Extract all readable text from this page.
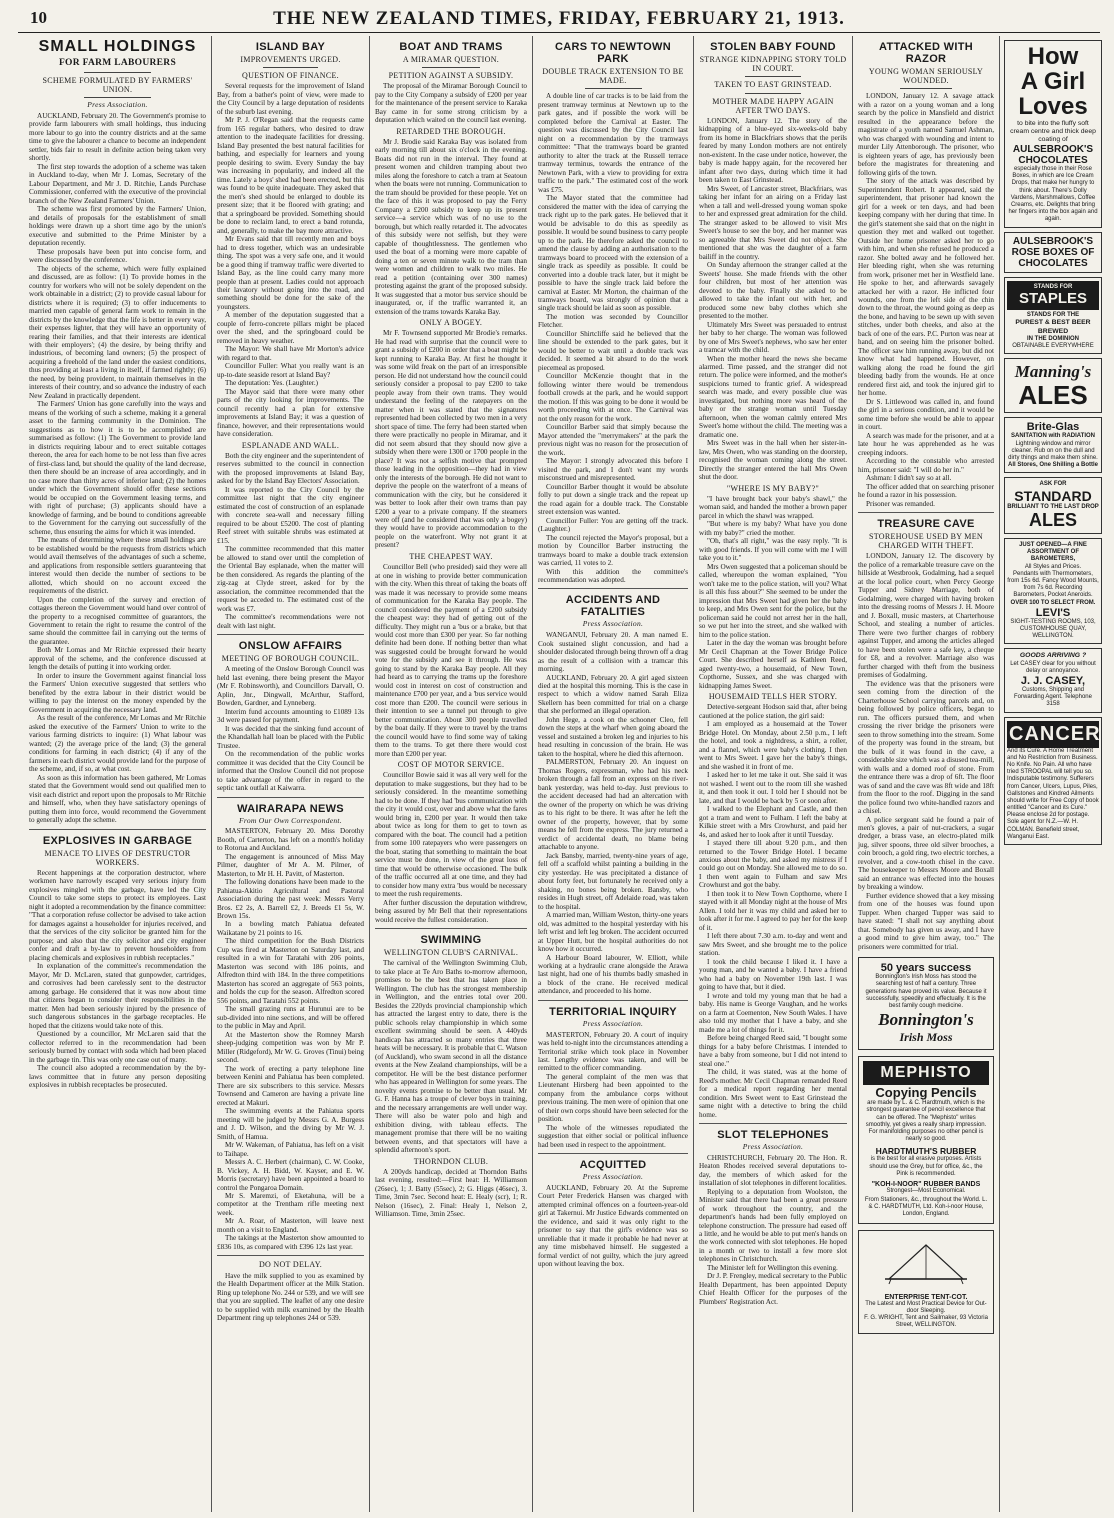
10	THE NEW ZEALAND TIMES, FRIDAY, FEBRUARY 21, 1913.
SMALL HOLDINGS
FOR FARM LABOURERS
SCHEME FORMULATED BY FARMERS' UNION.
Press Association.

AUCKLAND, February 20. The Government's promise to provide farm labourers with small holdings, thus inducing more labour to go into the country districts and at the same time to give the labourer a chance to become an independent settler, bids fair to result in definite action being taken very shortly.

The first step towards the adoption of a scheme was taken in Auckland to-day, when Mr J. Lomas, Secretary of the Labour Department, and Mr J. D. Ritchie, Lands Purchase Commissioner, conferred with the executive of the provincial branch of the New Zealand Farmers' Union.

The scheme was first promoted by the Farmers' Union, and details of proposals for the establishment of small holdings were drawn up a short time ago by the union's executive and submitted to the Prime Minister by a deputation recently.

These proposals have been put into concise form, and were discussed by the conference.

The objects of the scheme, which were fully explained and discussed, are as follow: (1) To provide homes in the country for workers who will not be solely dependent on the work obtainable in a district; (2) to provide casual labour for districts where it is required; (3) to offer inducements to married men capable of general farm work to remain in the districts by the knowledge that the life is better in every way, their expenses lighter, that they will have an opportunity of rearing their families, and that their interests are identical with their employers'; (4) the desire, by being thrifty and industrious, of becoming land owners; (5) the prospect of acquiring a freehold of the land under the easiest conditions, thus providing at least a living in itself, if farmed rightly; (6) the need, by being provident, to maintain themselves in the interests of their country, and so advance the industry of each New Zealand in practically dependent.

The Farmers' Union has gone carefully into the ways and means of the working of such a scheme, making it a general asset to the farming community in the Dominion. The suggestions as to how it is to be accomplished are summarised as follow: (1) The Government to provide land in districts requiring labour and to erect suitable cottages thereon, the area for each home to be not less than five acres of first-class land, but should the quality of the land decrease, then there should be an increase of area accordingly, and in no case more than thirty acres of inferior land; (2) the homes under which the Government should offer these sections would be occupied on the Government leasing terms, and with right of purchase; (3) applicants should have a knowledge of farming, and be bound to conditions agreeable to the Government for the carrying out successfully of the scheme, thus ensuring the aims for which it was intended.

The means of determining where these small holdings are to be established would be the requests from districts which would avail themselves of the advantages of such a scheme, and applications from responsible settlers guaranteeing that interest would then decide the number of sections to be allotted, which should on no account exceed the requirements of the district.

Upon the completion of the survey and erection of cottages thereon the Government would hand over control of the property to a recognised committee of guarantors, the Government to retain the right to resume the control of the same should the committee fail in carrying out the terms of the guarantee.

Both Mr Lomas and Mr Ritchie expressed their hearty approval of the scheme, and the conference discussed at length the details of putting it into working order.

In order to insure the Government against financial loss the Farmers' Union executive suggested that settlers who benefited by the extra labour in their district would be willing to pay the interest on the money expended by the Government in acquiring the necessary land.

As the result of the conference, Mr Lomas and Mr Ritchie asked the executive of the Farmers' Union to write to the various farming districts to inquire: (1) What labour was wanted; (2) the average price of the land; (3) the general conditions for farming in each district; (4) if any of the farmers in each district would provide land for the purpose of the scheme, and, if so, at what cost.

As soon as this information has been gathered, Mr Lomas stated that the Government would send out qualified men to visit each district and report upon the proposals to Mr Ritchie and himself, who, when they have satisfactory openings of putting them into force, would recommend the Government to generally adopt the scheme.

EXPLOSIVES IN GARBAGE
MENACE TO LIVES OF DESTRUCTOR WORKERS.

Recent happenings at the corporation destructor, where workmen have narrowly escaped very serious injury from explosives mingled with the garbage, have led the City Council to take some steps to protect its employees. Last night it adopted a recommendation by the finance committee: "That a corporation refuse collector be advised to take action for damages against a householder for injuries received, and that the services of the city solicitor be granted him for the purpose; and also that the city solicitor and city engineer confer and draft a by-law to prevent householders from placing chemicals and explosives in rubbish receptacles."

In explanation of the committee's recommendation the Mayor, Mr D. McLaren, stated that gunpowder, cartridges, and corrosives had been carelessly sent to the destructor among garbage. He considered that it was now about time that citizens began to consider their responsibilities in the matter. Men had been seriously injured by the presence of such dangerous substances in the garbage receptacles. He hoped that the citizens would take note of this.

Questioned by a councillor, Mr McLaren said that the collector referred to in the recommendation had been seriously burned by contact with soda which had been placed in the garbage tin. This was only one case out of many.

The council also adopted a recommendation by the by-laws committee that in future any person depositing explosives in rubbish receptacles be prosecuted.

ISLAND BAY
IMPROVEMENTS URGED.
QUESTION OF FINANCE.

Several requests for the improvement of Island Bay, from a bather's point of view, were made to the City Council by a large deputation of residents of the suburb last evening.

Mr P. J. O'Regan said that the requests came from 165 regular bathers, who desired to draw attention to the inadequate facilities for dressing. Island Bay presented the best natural facilities for bathing, and especially for learners and young people desiring to swim. Every Sunday the bay was increasing in popularity, and indeed all the time. Lately a boys' shed had been erected, but this was found to be quite inadequate. They asked that the men's shed should be enlarged to double its present size; that it be floored with grating; and that a springboard be provided. Something should be done to reclaim land, to erect a band rotunda, and, generally, to make the bay more attractive.

Mr Evans said that till recently men and boys had to dress together, which was an undesirable thing. The spot was a very safe one, and it would be a good thing if tramway traffic were diverted to Island Bay, as the line could carry many more people than at present. Ladies could not approach their lavatory without going into the road, and something should be done for the sake of the youngsters.

A member of the deputation suggested that a couple of ferro-concrete pillars might be placed over the shed, and the springboard could be removed in heavy weather.

The Mayor: We shall have Mr Morton's advice with regard to that.

Councillor Fuller: What you really want is an up-to-date seaside resort at Island Bay?

The deputation: Yes. (Laughter.)

The Mayor said that there were many other parts of the city looking for improvements. The council recently had a plan for extensive improvements at Island Bay; it was a question of finance, however, and their representations would have consideration.

ESPLANADE AND WALL.

Both the city engineer and the superintendent of reserves submitted to the council in connection with the proposed improvements at Island Bay, asked for by the Island Bay Electors' Association.

It was reported to the City Council by the committee last night that the city engineer estimated the cost of construction of an esplanade with concrete sea-wall and necessary filling required to be about £5200. The cost of planting Reef street with suitable shrubs was estimated at £15.

The committee recommended that this matter be allowed to stand over until the completion of the Oriental Bay esplanade, when the matter will be then considered. As regards the planting of the zig-zag at Clyde street, asked for by the association, the committee recommended that the request be acceded to. The estimated cost of the work was £7.

The committee's recommendations were not dealt with last night.

ONSLOW AFFAIRS
MEETING OF BOROUGH COUNCIL.

A meeting of the Onslow Borough Council was held last evening, there being present the Mayor (Mr F. Robinsworth), and Councillors Darvall, O. Aplin, Jnr., Dingwall, McArthur, Stafford, Bowden, Gardner, and Lynneberg.

Interim fund accounts amounting to £1089 13s 3d were passed for payment.

It was decided that the sinking fund account of the Khandallah hall loan be placed with the Public Trustee.

On the recommendation of the public works committee it was decided that the City Council be informed that the Onslow Council did not propose to take advantage of the offer in regard to the septic tank outfall at Kaiwarra.

WAIRARAPA NEWS
From Our Own Correspondent.

MASTERTON, February 20. Miss Dorothy Booth, of Carterton, has left on a month's holiday to Rotorua and Auckland.

The engagement is announced of Miss May Pilmer, daughter of Mr A. M. Pilmer, of Masterton, to Mr H. H. Pavitt, of Masterton.

The following donations have been made to the Pahiatua-Akitio Agricultural and Pastoral Association during the past week: Messrs Verry Bros. £2 2s, A. Barrell £2, J. Breeds £1 5s, W. Brown 15s.

In a bowling match Pahiatua defeated Waikatane by 21 points to 16.

The third competition for the Bush Districts Cup was fired at Masterton on Saturday last, and resulted in a win for Taratahi with 206 points, Masterton was second with 186 points, and Alfredton third with 184. In the three competitions Masterton has scored an aggregate of 563 points, and holds the cup for the season. Alfredton scored 556 points, and Taratahi 552 points.

The small grazing runs at Hurunui are to be sub-divided into nine sections, and will be offered to the public in May and April.

At the Masterton show the Romney Marsh sheep-judging competition was won by Mr P. Miller (Ridgeford), Mr W. G. Groves (Tinui) being second.

The work of erecting a party telephone line between Kenini and Pahiatua has been completed. There are six subscribers to this service. Messrs Townsend and Cameron are having a private line erected at Makuri.

The swimming events at the Pahiatua sports meeting will be judged by Messrs G. A. Burgess and J. D. Wilson, and the diving by Mr W. J. Smith, of Hamua.

Mr W. Wakeman, of Pahiatua, has left on a visit to Taihape.

Messrs A. C. Herbert (chairman), C. W. Cooke, B. Vickey, A. H. Bidd, W. Kayser, and E. W. Morris (secretary) have been appointed a board to control the Pongaroa Domain.

Mr S. Maremzi, of Eketahuna, will be a competitor at the Trentham rifle meeting next week.

Mr A. Roar, of Masterton, will leave next month on a visit to England.

The takings at the Masterton show amounted to £836 10s, as compared with £396 12s last year.

DO NOT DELAY.

Have the milk supplied to you as examined by the Health Department officer at the Milk Station. Ring up telephone No. 244 or 539, and we will see that you are supplied. The leaflet of any one desire to be supplied with milk examined by the Health Department ring up telephones 244 or 539.

BOAT AND TRAMS
A MIRAMAR QUESTION.
PETITION AGAINST A SUBSIDY.

The proposal of the Miramar Borough Council to pay to the City Company a subsidy of £200 per year for the maintenance of the present service to Karaka Bay came in for some strong criticism by a deputation which waited on the council last evening.

RETARDED THE BOROUGH.

Mr J. Brodie said Karaka Bay was isolated from early morning till about six o'clock in the evening. Boats did not run in the interval. They found at present women and children tramping about two miles along the foreshore to catch a tram at Seatoun when the boats were not running. Communication to the tram should be provided for these people. Yet on the face of this it was proposed to pay the Ferry Company a £200 subsidy to keep up its present service—a service which was of no use to the borough, but which really retarded it. The advocates of this subsidy were not selfish, but they were capable of thoughtlessness. The gentlemen who used the boat of a morning were more capable of doing a ten or seven minute walk to the tram than were women and children to walk two miles. He read a petition (containing over 300 names) protesting against the grant of the proposed subsidy. It was suggested that a motor bus service should be inaugurated, or, if the traffic warranted it, an extension of the trams towards Karaka Bay.

ONLY A BOGEY.

Mr F. Townsend supported Mr Brodie's remarks. He had read with surprise that the council were to grant a subsidy of £200 in order that a boat might be kept running to Karaka Bay. At first he thought it was some wild freak on the part of an irresponsible person. He did not understand how the council could seriously consider a proposal to pay £200 to take people away from their own trams. They would understand the feeling of the ratepayers on the matter when it was stated that the signatures represented had been collected by two men in a very short space of time. The ferry had been started when there were practically no people in Miramar, and it did not seem absurd that they should now give a subsidy when there were 1300 or 1700 people in the place? It was not a selfish motive that prompted those leading in the opposition—they had in view only the interests of the borough. He did not want to deprive the people on the waterfront of a means of communication with the city, but he considered it was better to look after their own trams than pay £200 a year to a private company. If the steamers were off (and he considered that was only a bogey) they would have to provide accommodation to the people on the waterfront. Why not grant it at present?

THE CHEAPEST WAY.

Councillor Bell (who presided) said they were all at one in wishing to provide better communication with the city. When this threat of taking the boats off was made it was necessary to provide some means of communication for the Karaka Bay people. The council considered the payment of a £200 subsidy the cheapest way: they had of getting out of the difficulty. They might run a 'bus or a brake, but that would cost more than £300 per year. So far nothing definite had been done. If nothing better than what was suggested could be brought forward he would vote for the subsidy and see it through. He was going to stand by the Karaka Bay people. All they had heard as to carrying the trams up the foreshore would cost in interest on cost of construction and maintenance £700 per year, and a 'bus service would cost more than £200. The council were serious in their intention to see a tunnel put through to give better communication. About 300 people travelled by the boat daily. If they were to travel by the trams the council would have to find some way of taking them to the trams. To get there there would cost more than £200 per year.

COST OF MOTOR SERVICE.

Councillor Bowie said it was all very well for the deputation to make suggestions, but they had to be seriously considered. In the meantime something had to be done. If they had 'bus communication with the city it would cost, over and above what the fares would bring in, £200 per year. It would then take about twice as long for them to get to town as compared with the boat. The council had a petition from some 100 ratepayers who were passengers on the boat, stating that something to maintain the boat service must be done, in view of the great loss of time that would be otherwise occasioned. The bulk of the traffic occurred all at one time, and they had to consider how many extra 'bus would be necessary to meet the rush requirements.

After further discussion the deputation withdrew, being assured by Mr Bell that their representations would receive the fullest consideration.

SWIMMING
WELLINGTON CLUB'S CARNIVAL.

The carnival of the Wellington Swimming Club, to take place at Te Aro Baths to-morrow afternoon, promises to be the best that has taken place in Wellington. The club has the strongest membership in Wellington, and the entries total over 200. Besides the 220yds provincial championship which has attracted the largest entry to date, there is the public schools relay championship in which some excellent swimming should be seen. A 440yds handicap has attracted so many entries that three heats will be necessary. It is probable that C. Watson (of Auckland), who swam second in all the distance events at the New Zealand championships, will be a competitor. He will be the best distance performer who has appeared in Wellington for some years. The novelty events promise to be better than usual. Mr G. F. Hanna has a troupe of clever boys in training, and the necessary arrangements are well under way. There will also be water polo and high and exhibition diving, with tableau effects. The management promise that there will be no waiting between events, and that spectators will have a splendid afternoon's sport.

THORNDON CLUB.

A 200yds handicap, decided at Thorndon Baths last evening, resulted:—First heat: H. Williamson (26sec), 1; J. Batty (55sec), 2; G. Higgs (46sec), 3. Time, 3min 7sec. Second heat: E. Healy (scr), 1; R. Nelson (16sec), 2. Final: Healy 1, Nelson 2, Williamson. Time, 3min 25sec.

CARS TO NEWTOWN PARK
DOUBLE TRACK EXTENSION TO BE MADE.

A double line of car tracks is to be laid from the present tramway terminus at Newtown up to the park gates, and if possible the work will be completed before the Carnival at Easter. The question was discussed by the City Council last night on a recommendation by the tramways committee: "That the tramways board be granted authority to alter the track at the Russell terrace tramway terminus, towards the entrance of the Newtown Park, with a view to providing for extra traffic to the park." The estimated cost of the work was £75.

The Mayor stated that the committee had considered the matter with the idea of carrying the track right up to the park gates. He believed that it would be advisable to do this as speedily as possible. It would be sound business to carry people up to the park. He therefore asked the council to amend the clause by adding an authorisation to the tramways board to proceed with the extension of a single track as speedily as possible. It could be converted into a double track later, but it might be possible to have the single track laid before the carnival at Easter. Mr Morton, the chairman of the tramways board, was strongly of opinion that a single track should be laid as soon as possible.

The motion was seconded by Councillor Fletcher.

Councillor Shirtcliffe said he believed that the line should be extended to the park gates, but it would be better to wait until a double track was decided. It seemed a bit absurd to do the work piecemeal as proposed.

Councillor McKenzie thought that in the following winter there would be tremendous football crowds at the park, and he would support the motion. If this was going to be done it would be worth proceeding with at once. The Carnival was not the only reason for the work.

Councillor Barber said that simply because the Mayor attended the "merrymakers" at the park the previous night was no reason for the prosecution of the work.

The Mayor: I strongly advocated this before I visited the park, and I don't want my words misconstrued and misrepresented.

Councillor Barber thought it would be absolute folly to put down a single track and the repeat up the road again for a double track. The Constable street extension was wanted.

Councillor Fuller: You are getting off the track. (Laughter.)

The council rejected the Mayor's proposal, but a motion by Councillor Barber instructing the tramways board to make a double track extension was carried, 11 votes to 2.

With this addition the committee's recommendation was adopted.

ACCIDENTS AND FATALITIES
Press Association.

WANGANUI, February 20. A man named E. Cook sustained slight concussion, and had a shoulder dislocated through being thrown off a drag as the result of a collision with a tramcar this morning.

AUCKLAND, February 20. A girl aged sixteen died at the hospital this morning. This is the case in respect to which a widow named Sarah Eliza Skellern has been committed for trial on a charge that she performed an illegal operation.

John Hege, a cook on the schooner Cleo, fell down the steps at the wharf when going aboard the vessel and sustained a broken leg and injuries to his head resulting in concussion of the brain. He was taken to the hospital, where he died this afternoon.

PALMERSTON, February 20. An inquest on Thomas Rogers, expressman, who had his neck broken through a fall from an express on the river-bank yesterday, was held to-day. Just previous to the accident deceased had had an altercation with the owner of the property on which he was driving as to his right to be there. It was after he left the owner of the property, however, that by some means he fell from the express. The jury returned a verdict of accidental death, no blame being attachable to anyone.

Jack Bansby, married, twenty-nine years of age, fell off a scaffold whilst painting a building in the city yesterday. He was precipitated a distance of about forty feet, but fortunately he received only a shaking, no bones being broken. Bansby, who resides in Hugh street, off Adelaide road, was taken to the hospital.

A married man, William Weston, thirty-one years old, was admitted to the hospital yesterday with his left wrist and left leg broken. The accident occurred at Upper Hutt, but the hospital authorities do not know how it occurred.

A Harbour Board labourer, W. Elliott, while working at a hydraulic crane alongside the Arawa last night, had one of his thumbs badly smashed in a block of the crane. He received medical attendance, and proceeded to his home.

TERRITORIAL INQUIRY
Press Association.

MASTERTON, February 20. A court of inquiry was held to-night into the circumstances attending a Territorial strike which took place in November last. Lengthy evidence was taken, and will be remitted to the officer commanding.

The general complaint of the men was that Lieutenant Hirsberg had been appointed to the company from the ambulance corps without previous training. The men were of opinion that one of their own corps should have been selected for the position.

The whole of the witnesses repudiated the suggestion that either social or political influence had been used in respect to the appointment.

ACQUITTED
Press Association.

AUCKLAND, February 20. At the Supreme Court Peter Frederick Hansen was charged with attempted criminal offences on a fourteen-year-old girl at Takernui. Mr Justice Edwards commented on the evidence, and said it was only right to the prisoner to say that the girl's evidence was so unreliable that it made it probable he had never at any time misbehaved himself. He suggested a formal verdict of not guilty, which the jury agreed upon without leaving the box.

STOLEN BABY FOUND
STRANGE KIDNAPPING STORY TOLD IN COURT.
TAKEN TO EAST GRINSTEAD.
MOTHER MADE HAPPY AGAIN AFTER TWO DAYS.

LONDON, January 12. The story of the kidnapping of a blue-eyed six-weeks-old baby from its home in Blackfriars shows that the perils feared by many London mothers are not entirely non-existent. In the case under notice, however, the baby is made happy again, for the recovered her infant after two days, during which time it had been taken to East Grinstead.

Mrs Sweet, of Lancaster street, Blackfriars, was taking her infant for an airing on a Friday last when a tall and well-dressed young woman spoke to her and expressed great admiration for the child. The stranger asked to be allowed to visit Mrs Sweet's house to see the boy, and her manner was so agreeable that Mrs Sweet did not object. She mentioned that she was the daughter of a farm bailiff in the country.

On Sunday afternoon the stranger called at the Sweets' house. She made friends with the other four children, but most of her attention was devoted to the baby. Finally she asked to be allowed to take the infant out with her, and produced some new baby clothes which she presented to the mother.

Ultimately Mrs Sweet was persuaded to entrust her baby to her charge. The woman was followed by one of Mrs Sweet's nephews, who saw her enter a tramcar with the child.

When the mother heard the news she became alarmed. Time passed, and the stranger did not return. The police were informed, and the mother's suspicions turned to frantic grief. A widespread search was made, and every possible clue was investigated, but nothing more was heard of the baby or the strange woman until Tuesday afternoon, when the woman calmly entered Mrs Sweet's home without the child. The meeting was a dramatic one.

Mrs Sweet was in the hall when her sister-in-law, Mrs Owen, who was standing on the doorstep, recognised the woman coming along the street. Directly the stranger entered the hall Mrs Owen shut the door.

"WHERE IS MY BABY?"

"I have brought back your baby's shawl," the woman said, and handed the mother a brown paper parcel in which the shawl was wrapped.

"But where is my baby? What have you done with my baby?" cried the mother.

"Oh, that's all right," was the easy reply. "It is with good friends. If you will come with me I will take you to it."

Mrs Owen suggested that a policeman should be called, whereupon the woman explained, "You won't take me to the police station, will you? What is all this fuss about?" She seemed to be under the impression that Mrs Sweet had given her the baby to keep, and Mrs Owen sent for the police, but the policeman said he could not arrest her in the hall, so we put her into the street, and she walked with him to the police station.

Later in the day the woman was brought before Mr Cecil Chapman at the Tower Bridge Police Court. She described herself as Kathleen Reed, aged twenty-two, a housemaid, of New Town, Copthorne, Sussex, and she was charged with kidnapping James Sweet.

HOUSEMAID TELLS HER STORY.

Detective-sergeant Hodson said that, after being cautioned at the police station, the girl said:

I am employed as a housemaid at the Tower Bridge Hotel. On Monday, about 2.50 p.m., I left the hotel, and took a nightdress, a shirt, a roller, and a flannel, which were baby's clothing. I then went to Mrs Sweet. I gave her the baby's things, and she washed it in front of me.

I asked her to let me take it out. She said it was not washed. I went out to the room till she washed it, and then took it out. I told her I should not be late, and that I would be back by 5 or soon after.

I walked to the Elephant and Castle, and then got a tram and went to Fulham. I left the baby at Kilkie street with a Mrs Crowhurst, and paid her 4s, and asked her to look after it until Tuesday.

I stayed there till about 9.20 p.m., and then returned to the Tower Bridge Hotel. I became anxious about the baby, and asked my mistress if I could go out on Monday. She allowed me to do so. I then went again to Fulham and saw Mrs Crowhurst and got the baby.

I then took it to New Town Copthorne, where I stayed with it all Monday night at the house of Mrs Allen. I told her it was my child and asked her to look after it for me. I agreed to pay her for the keep of it.

I left there about 7.30 a.m. to-day and went and saw Mrs Sweet, and she brought me to the police station.

I took the child because I liked it. I have a young man, and he wanted a baby. I have a friend who had a baby on November 19th last. I was going to have that, but it died.

I wrote and told my young man that he had a baby. His name is George Vaughan, and he works on a farm at Coementon, New South Wales. I have also told my mother that I have a baby, and she made me a lot of things for it.

Before being charged Reed said, "I bought some things for a baby before Christmas. I intended to have a baby from someone, but I did not intend to steal one."

The child, it was stated, was at the home of Reed's mother. Mr Cecil Chapman remanded Reed for a medical report regarding her mental condition. Mrs Sweet went to East Grinstead the same night with a detective to bring the child home.

SLOT TELEPHONES
Press Association.

CHRISTCHURCH, February 20. The Hon. R. Heaton Rhodes received several deputations to-day, the members of which asked for the installation of slot telephones in different localities.

Replying to a deputation from Woolston, the Minister said that there had been a great pressure of work throughout the country, and the department's hands had been fully employed on telephone construction. The pressure had eased off a little, and he would be able to put men's hands on the work connected with slot telephones. He hoped in a month or two to install a few more slot telephones in Christchurch.

The Minister left for Wellington this evening.

Dr J. P. Frengley, medical secretary to the Public Health Department, has been appointed Deputy Chief Health Officer for the purposes of the Plumbers' Registration Act.

ATTACKED WITH RAZOR
YOUNG WOMAN SERIOUSLY WOUNDED.

LONDON, January 12. A savage attack with a razor on a young woman and a long search by the police in Mansfield and district resulted in the appearance before the magistrate of a youth named Samuel Ashman, who was charged with wounding and intent to murder Lily Attenborough. The prisoner, who is eighteen years of age, has previously been before the magistrates for threatening and following girls of the town.

The story of the attack was described by Superintendent Robert. It appeared, said the superintendent, that prisoner had known the girl for a week or ten days, and had been keeping company with her during that time. In the girl's statement she said that on the night in question they met and walked out together. Outside her home prisoner asked her to go with him, and when she refused he produced a razor. She bolted away and he followed her. Her bleeding right, when she was returning from work, prisoner met her in Westfield lane. He spoke to her, and afterwards savagely attacked her with a razor. He inflicted four wounds, one from the left side of the chin down to the throat, the wound going as deep as the bone, and having to be sewn up with seven stitches, under both cheeks, and also at the back of one of the ears. P.C. Purton was near at hand, and on seeing him the prisoner bolted. The officer saw him running away, but did not know what had happened. However, on walking along the road he found the girl bleeding badly from the wounds. He at once rendered first aid, and took the injured girl to her home.

Dr S. Littlewood was called in, and found the girl in a serious condition, and it would be some time before she would be able to appear in court.

A search was made for the prisoner, and at a late hour he was apprehended as he was creeping indoors.

According to the constable who arrested him, prisoner said: "I will do her in."

Ashman: I didn't say so at all.

The officer added that on searching prisoner he found a razor in his possession.

Prisoner was remanded.

TREASURE CAVE
STOREHOUSE USED BY MEN CHARGED WITH THEFT.

LONDON, January 12. The discovery by the police of a remarkable treasure cave on the hillside at Westbrook, Godalming, had a sequel at the local police court, when Percy George Tupper and Sidney Marriage, both of Godalming, were charged with having broken into the dressing rooms of Messrs J. H. Moore and J. Boxall, music masters, at Charterhouse School, and stealing a number of articles. There were two further charges of robbery against Tupper, and among the articles alleged to have been stolen were a safe key, a cheque for £8, and a revolver. Marriage also was further charged with theft from the business premises of Godalming.

The evidence was that the prisoners were seen coming from the direction of the Charterhouse School carrying parcels and, on being followed by police officers, began to run. The officers pursued them, and when crossing the river bridge the prisoners were seen to throw something into the stream. Some of the property was found in the stream, but the bulk of it was found in the cave, a considerable size which was a disused tea-mill, with walls and a domed roof of stone. From the entrance there was a drop of 6ft. The floor was of sand and the cave was 8ft wide and 18ft from the floor to the roof. Digging in the sand the police found two white-handled razors and a chisel.

A police sergeant said he found a pair of men's gloves, a pair of nut-crackers, a sugar dredger, a brass vase, an electro-plated milk jug, silver spoons, three old silver brooches, a coin brooch, a gold ring, two electric torches, a revolver, and a cow-tooth chisel in the cave. The housekeeper to Messrs Moore and Boxall said an entrance was effected into the houses by breaking a window.

Further evidence showed that a key missing from one of the houses was found upon Tupper. When charged Tupper was said to have stated: "I shall not say anything about that. Somebody has given us away, and I have a good mind to give him away, too." The prisoners were committed for trial.

50 years success
Bonnington's Irish Moss has stood the searching test of half a century. Three generations have proved its value. Because it successfully, speedily and effectually. It is the best family cough medicine.
Bonnington's
Irish Moss
MEPHISTO
Copying Pencils
are made by L. & C. Hardtmuth, which is the strongest guarantee of pencil excellence that can be offered. The "Mephisto" writes smoothly, yet gives a really sharp impression. For manifolding purposes no other pencil is nearly so good.
HARDTMUTH'S RUBBER
is the best for all erasive purposes. Artists should use the Grey, but for office, &c., the Pink is recommended.
"KOH-I-NOOR" RUBBER BANDS
Strongest—Most Economical.
From Stationers, &c., throughout the World. L. & C. HARDTMUTH, Ltd. Koh-i-noor House, London, England.
ENTERPRISE TENT-COT.
The Latest and Most Practical Device for Out-door Sleeping.
F. G. WRIGHT, Tent and Sailmaker, 93 Victoria Street, WELLINGTON.
How
A Girl
Loves
to bite into the fluffy soft cream centre and thick deep coating of
AULSEBROOK'S
CHOCOLATES
especially those in their Rose Boxes, in which are Ice Cream Drops, that make her hungry to think about. There's Dolly Vardens, Marshmallows, Coffee Creams, etc. Delights that bring her fingers into the box again and again.
AULSEBROOK'S
ROSE BOXES OF
CHOCOLATES
STANDS FOR
STAPLES
STANDS FOR THE
PUREST & BEST BEER
BREWED
IN THE DOMINION
OBTAINABLE EVERYWHERE
Manning's
ALES
Brite-Glas
SANITATION with RADIATION
Lightning window and mirror cleaner. Rub on on the dull and dirty things and make them shine.
All Stores, One Shilling a Bottle
ASK FOR
STANDARD
BRILLIANT TO THE LAST DROP
ALES
JUST OPENED—A FINE ASSORTMENT OF BAROMETERS,
All Styles and Prices.
Pendants with Thermometers, from 15s 6d. Fancy Wood Mounts, from 7s 6d. Recording Barometers, Pocket Aneroids.
OVER 100 TO SELECT FROM.
LEVI'S
SIGHT-TESTING ROOMS, 103, CUSTOMHOUSE QUAY, WELLINGTON.
GOODS ARRIVING ?
Let CASEY clear for you without delay or annoyance.
J. J. CASEY,
Customs, Shipping and Forwarding Agent. Telephone 3158
CANCER
And its Cure. A Home Treatment and No Restriction from Business. No Knife. No Pain. All who have tried STROOPAL will tell you so. Indisputable testimony. Sufferers from Cancer, Ulcers, Lupus, Piles, Gallstones and Kindred Ailments should write for Free Copy of book entitled "Cancer and its Cure." Please enclose 2d for postage. Sole agent for N.Z.—W. H. COLMAN. Benefield street, Wanganui East.
